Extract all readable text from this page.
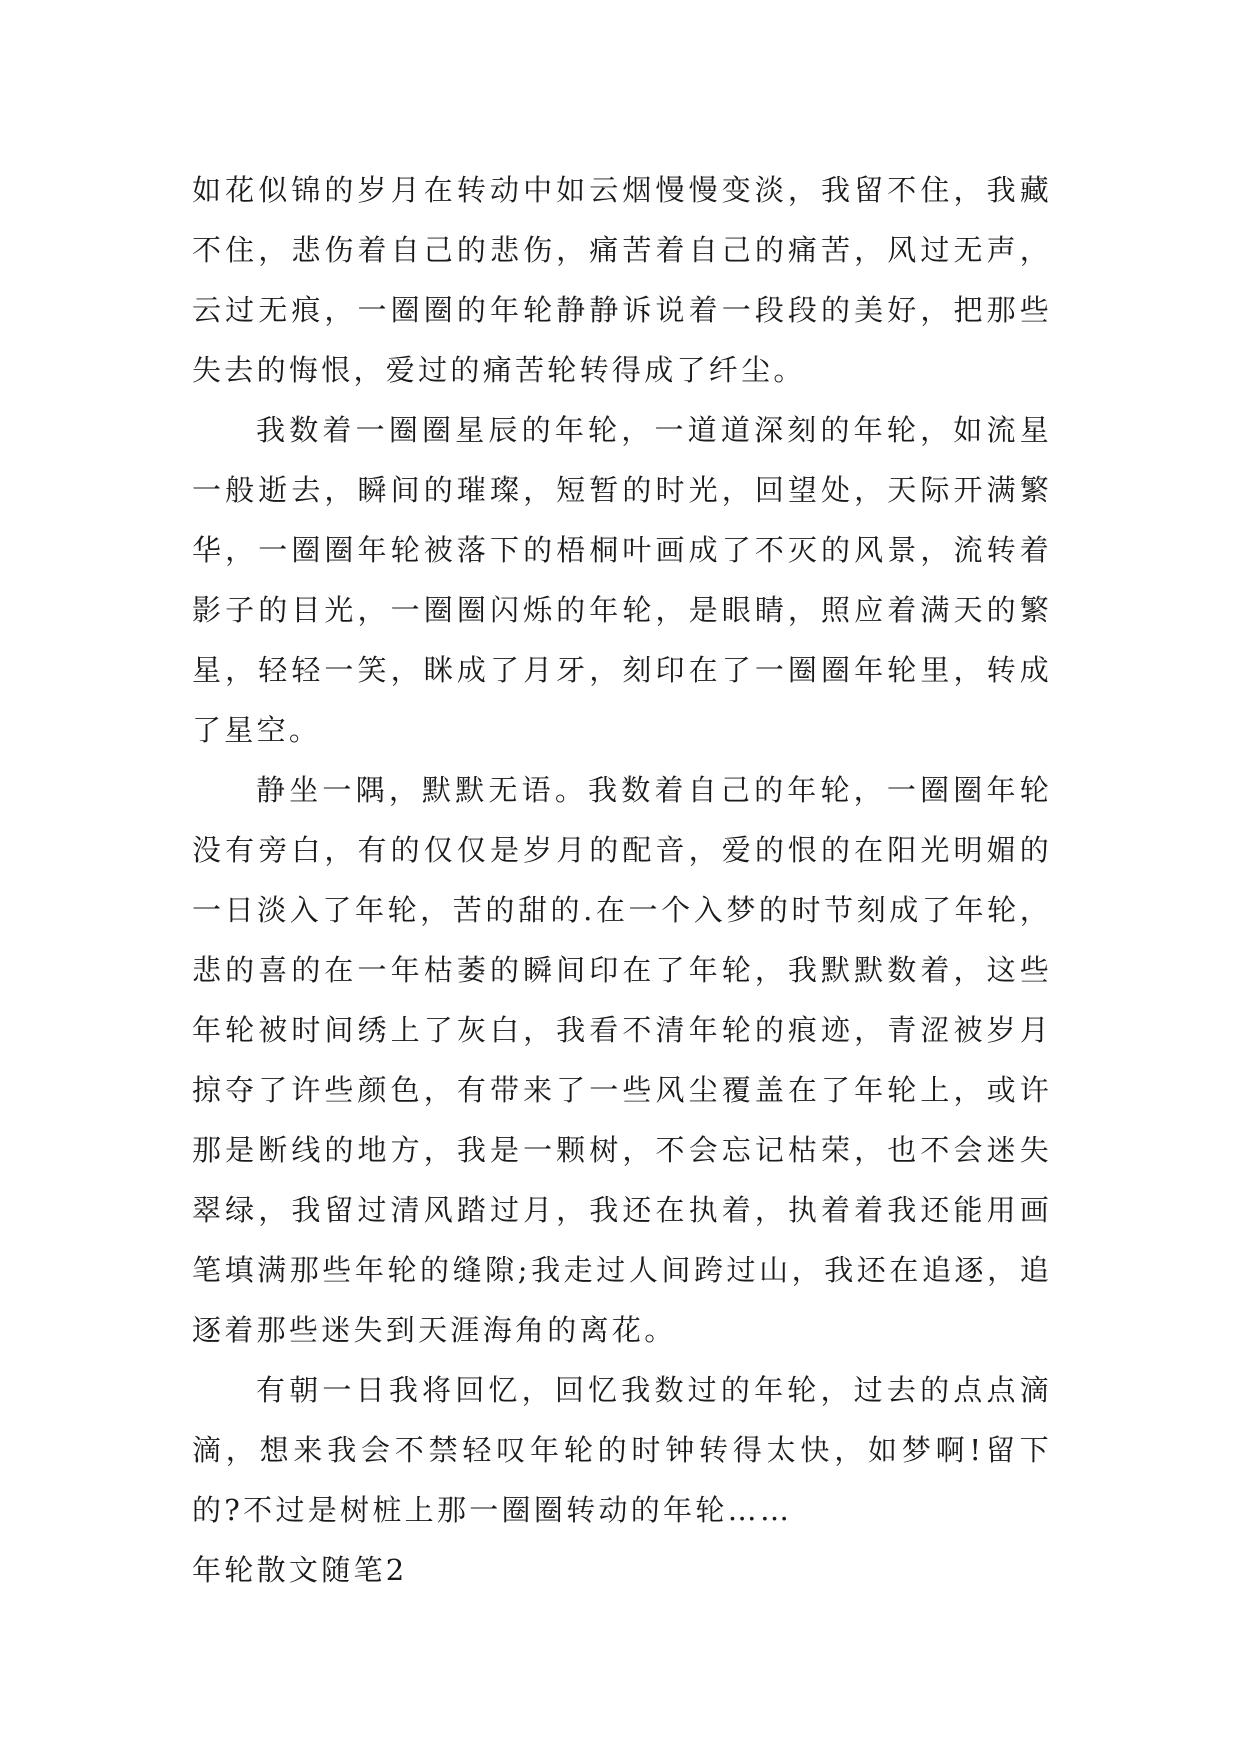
如花似锦的岁月在转动中如云烟慢慢变淡，我留不住，我藏不住，悲伤着自己的悲伤，痛苦着自己的痛苦，风过无声，云过无痕，一圈圈的年轮静静诉说着一段段的美好，把那些失去的悔恨，爱过的痛苦轮转得成了纤尘。

我数着一圈圈星辰的年轮，一道道深刻的年轮，如流星一般逝去，瞬间的璀璨，短暂的时光，回望处，天际开满繁华，一圈圈年轮被落下的梧桐叶画成了不灭的风景，流转着影子的目光，一圈圈闪烁的年轮，是眼睛，照应着满天的繁星，轻轻一笑，眯成了月牙，刻印在了一圈圈年轮里，转成了星空。

静坐一隅，默默无语。我数着自己的年轮，一圈圈年轮没有旁白，有的仅仅是岁月的配音，爱的恨的在阳光明媚的一日淡入了年轮，苦的甜的.在一个入梦的时节刻成了年轮，悲的喜的在一年枯萎的瞬间印在了年轮，我默默数着，这些年轮被时间绣上了灰白，我看不清年轮的痕迹，青涩被岁月掠夺了许些颜色，有带来了一些风尘覆盖在了年轮上，或许那是断线的地方，我是一颗树，不会忘记枯荣，也不会迷失翠绿，我留过清风踏过月，我还在执着，执着着我还能用画笔填满那些年轮的缝隙;我走过人间跨过山，我还在追逐，追逐着那些迷失到天涯海角的离花。

有朝一日我将回忆，回忆我数过的年轮，过去的点点滴滴，想来我会不禁轻叹年轮的时钟转得太快，如梦啊!留下的?不过是树桩上那一圈圈转动的年轮……

年轮散文随笔2
